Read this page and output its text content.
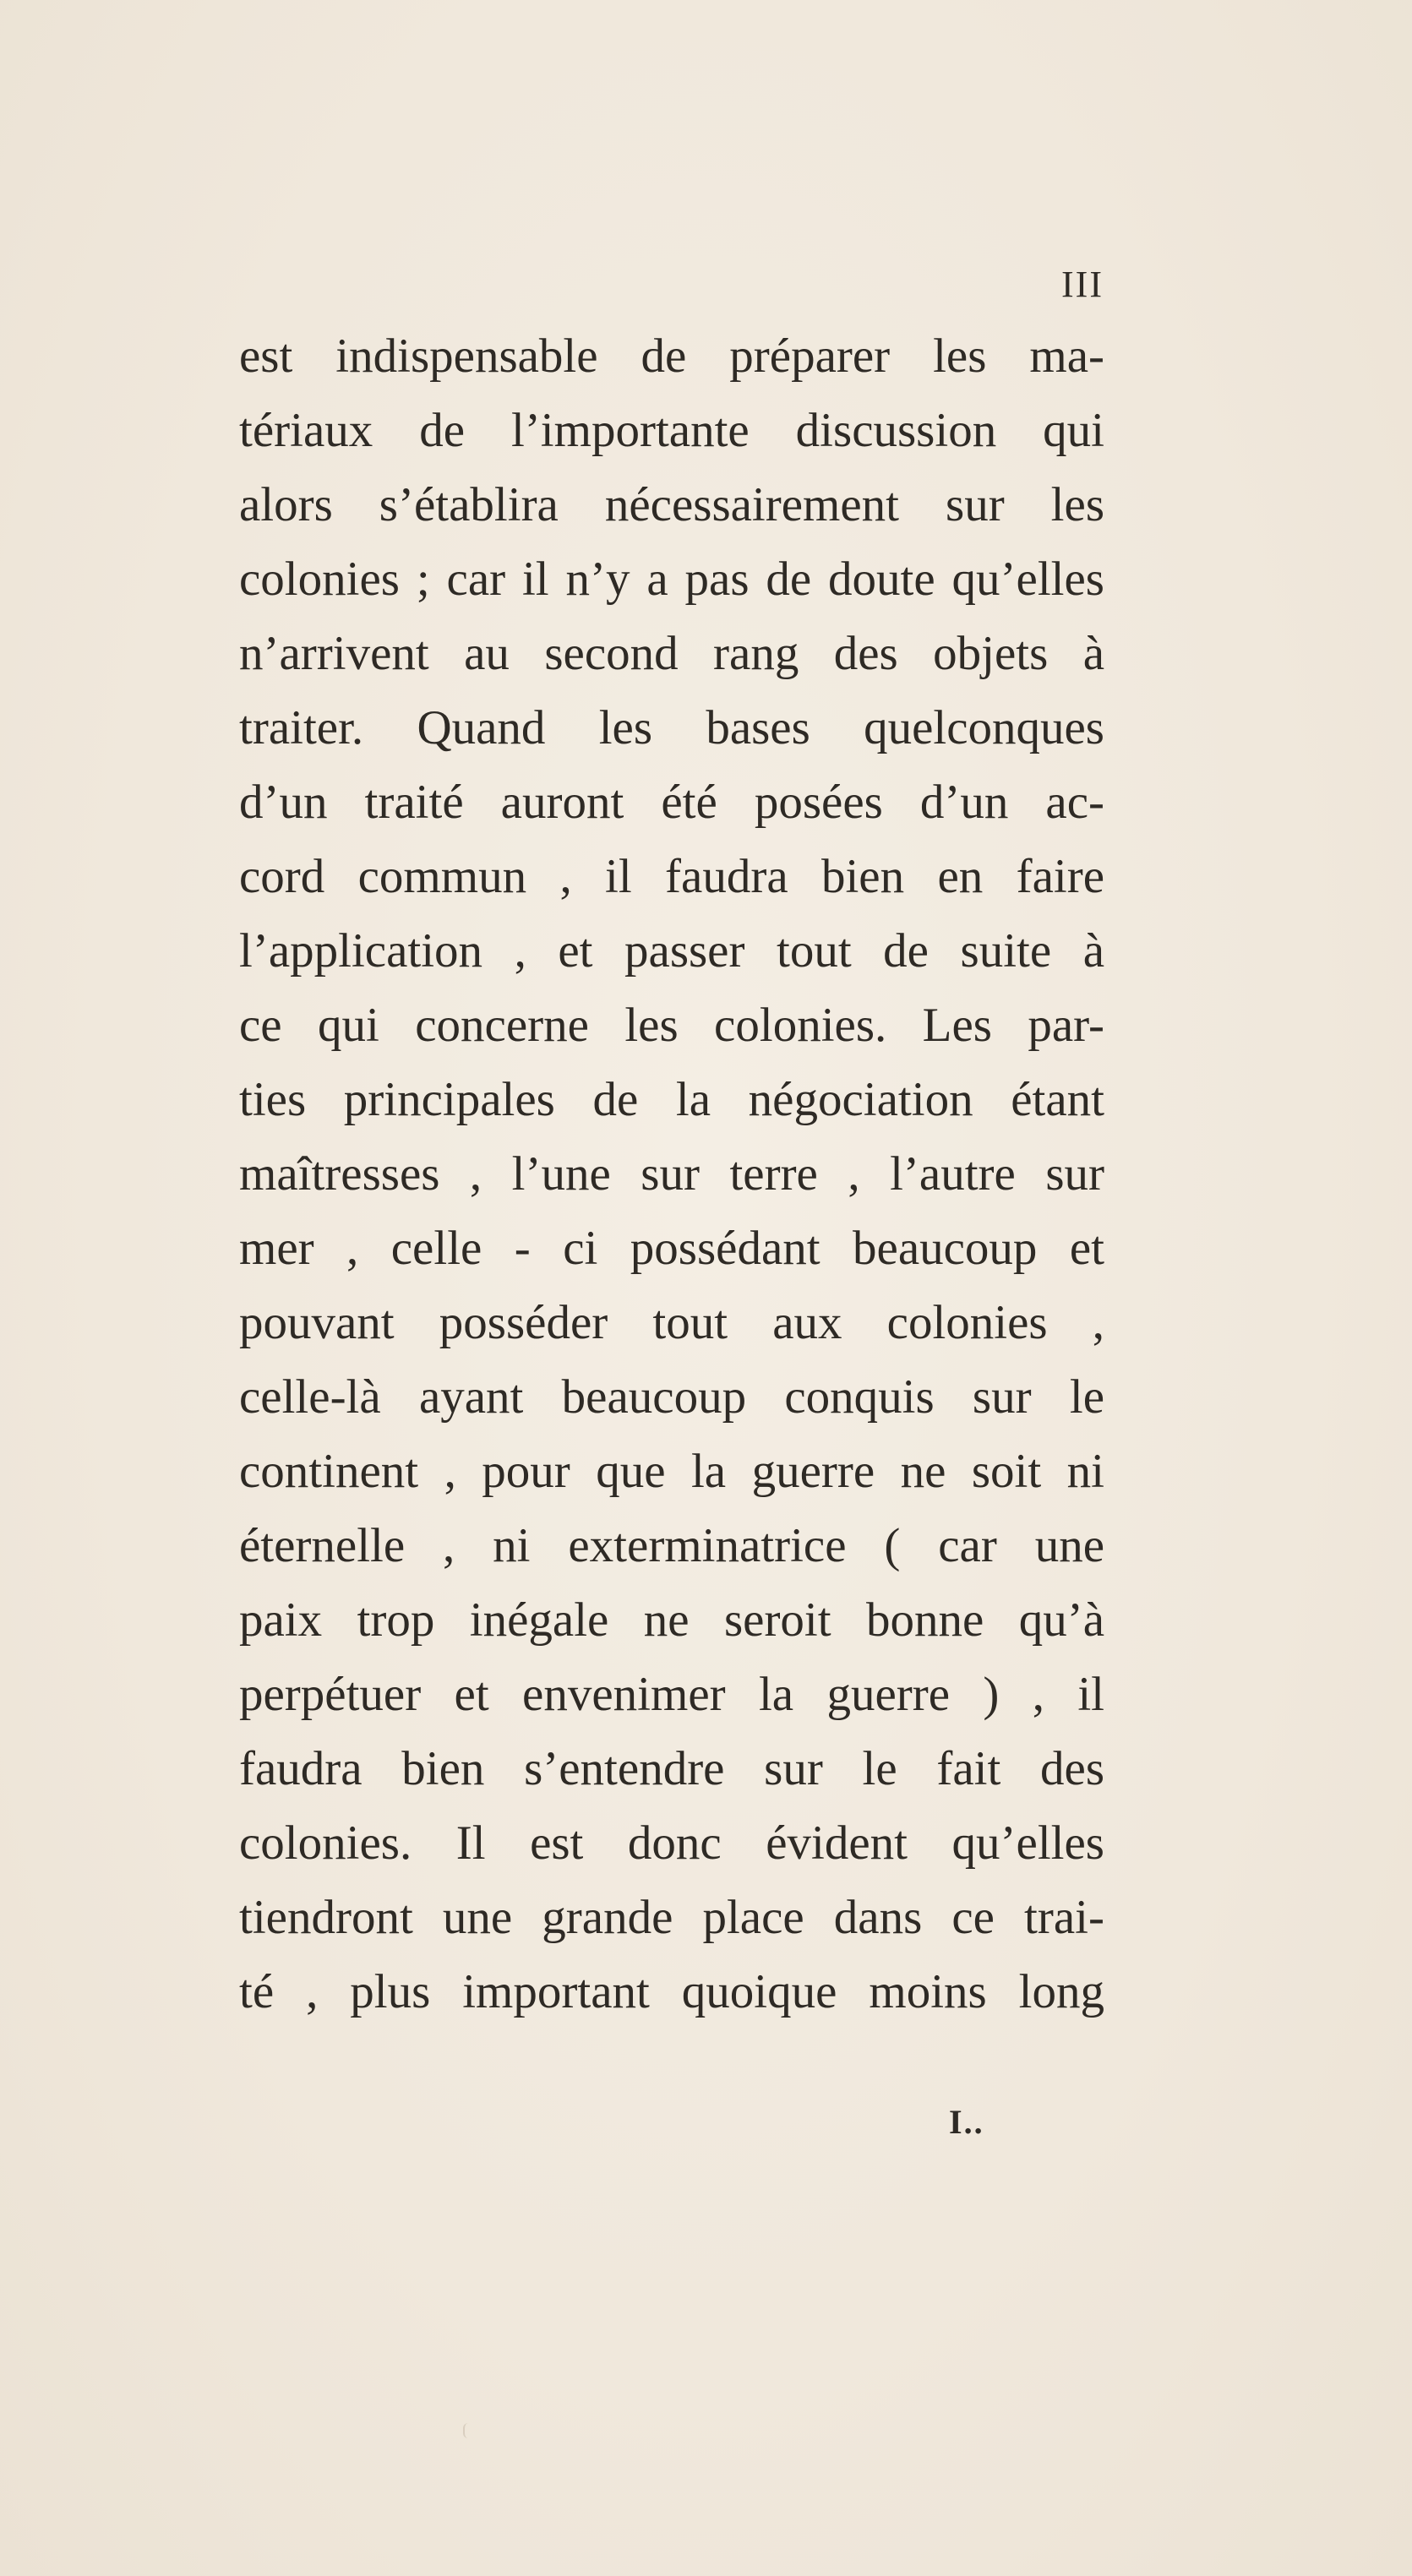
III
est indispensable de préparer les ma-
tériaux de l’importante discussion qui
alors s’établira nécessairement sur les
colonies ; car il n’y a pas de doute qu’elles
n’arrivent au second rang des objets à
traiter. Quand les bases quelconques
d’un traité auront été posées d’un ac-
cord commun , il faudra bien en faire
l’application , et passer tout de suite à
ce qui concerne les colonies. Les par-
ties principales de la négociation étant
maîtresses , l’une sur terre , l’autre sur
mer , celle - ci possédant beaucoup et
pouvant posséder tout aux colonies ,
celle-là ayant beaucoup conquis sur le
continent , pour que la guerre ne soit ni
éternelle , ni exterminatrice ( car une
paix trop inégale ne seroit bonne qu’à
perpétuer et envenimer la guerre ) , il
faudra bien s’entendre sur le fait des
colonies. Il est donc évident qu’elles
tiendront une grande place dans ce trai-
té , plus important quoique moins long
I..
